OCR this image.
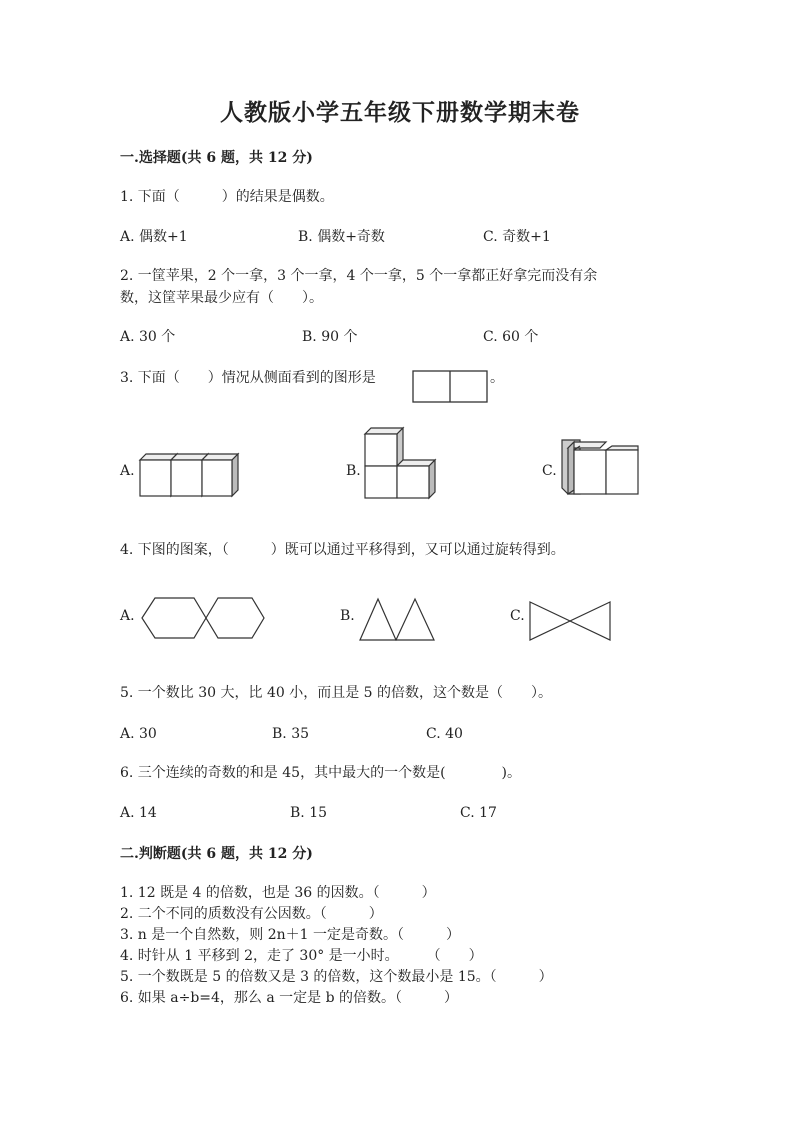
人教版小学五年级下册数学期末卷
一.选择题(共 6 题，共 12 分)
1. 下面（　　　）的结果是偶数。
A. 偶数+1	B. 偶数+奇数	C. 奇数+1
2. 一筐苹果，2 个一拿，3 个一拿，4 个一拿，5 个一拿都正好拿完而没有余
数，这筐苹果最少应有（　　）。
A. 30 个	B. 90 个	C. 60 个
3. 下面（　　）情况从侧面看到的图形是	。
A.	B.	C.
4. 下图的图案，（　　　）既可以通过平移得到，又可以通过旋转得到。
A.	B.	C.
5. 一个数比 30 大，比 40 小，而且是 5 的倍数，这个数是（　　）。
A. 30	B. 35	C. 40
6. 三个连续的奇数的和是 45，其中最大的一个数是(　　　　)。
A. 14	B. 15	C. 17
二.判断题(共 6 题，共 12 分)
1. 12 既是 4 的倍数，也是 36 的因数。（　　　）
2. 二个不同的质数没有公因数。（　　　）
3. n 是一个自然数，则 2n＋1 一定是奇数。（　　　）
4. 时针从 1 平移到 2，走了 30° 是一小时。　　　（　　）
5. 一个数既是 5 的倍数又是 3 的倍数，这个数最小是 15。（　　　）
6. 如果 a÷b=4，那么 a 一定是 b 的倍数。（　　　）
